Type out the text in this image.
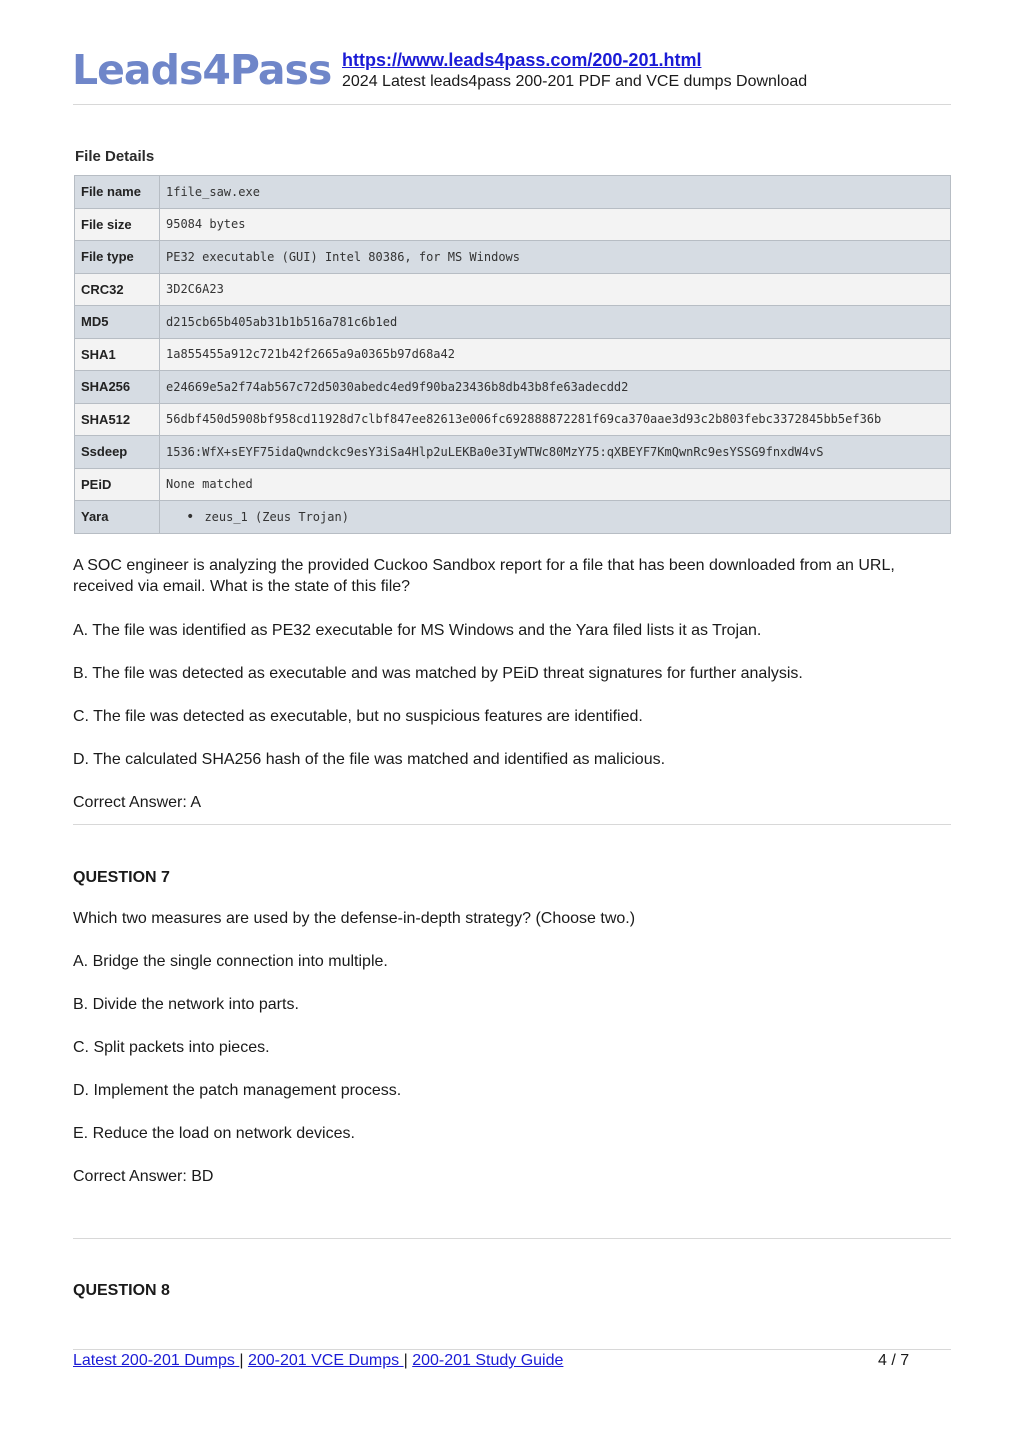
Leads4Pass https://www.leads4pass.com/200-201.html
2024 Latest leads4pass 200-201 PDF and VCE dumps Download
File Details
File name	1file_saw.exe
File size	95084 bytes
File type	PE32 executable (GUI) Intel 80386, for MS Windows
CRC32	3D2C6A23
MD5	d215cb65b405ab31b1b516a781c6b1ed
SHA1	1a855455a912c721b42f2665a9a0365b97d68a42
SHA256	e24669e5a2f74ab567c72d5030abedc4ed9f90ba23436b8db43b8fe63adecdd2
SHA512	56dbf450d5908bf958cd11928d7clbf847ee82613e006fc692888872281f69ca370aae3d93c2b803febc3372845bb5ef36b
Ssdeep	1536:WfX+sEYF75idaQwndckc9esY3iSa4Hlp2uLEKBa0e3IyWTWc80MzY75:qXBEYF7KmQwnRc9esYSSG9fnxdW4vS
PEiD	None matched
Yara	• zeus_1 (Zeus Trojan)
A SOC engineer is analyzing the provided Cuckoo Sandbox report for a file that has been downloaded from an URL,
received via email. What is the state of this file?
A. The file was identified as PE32 executable for MS Windows and the Yara filed lists it as Trojan.
B. The file was detected as executable and was matched by PEiD threat signatures for further analysis.
C. The file was detected as executable, but no suspicious features are identified.
D. The calculated SHA256 hash of the file was matched and identified as malicious.
Correct Answer: A
QUESTION 7
Which two measures are used by the defense-in-depth strategy? (Choose two.)
A. Bridge the single connection into multiple.
B. Divide the network into parts.
C. Split packets into pieces.
D. Implement the patch management process.
E. Reduce the load on network devices.
Correct Answer: BD
QUESTION 8
Latest 200-201 Dumps | 200-201 VCE Dumps | 200-201 Study Guide	4 / 7
